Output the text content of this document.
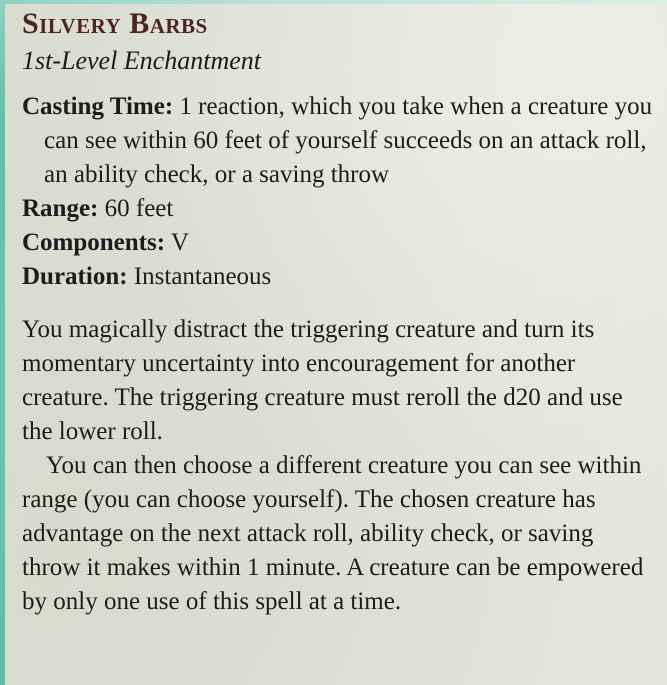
Silvery Barbs
1st-Level Enchantment

Casting Time: 1 reaction, which you take when a creature you can see within 60 feet of yourself succeeds on an attack roll, an ability check, or a saving throw

Range: 60 feet

Components: V

Duration: Instantaneous

You magically distract the triggering creature and turn its momentary uncertainty into encouragement for another creature. The triggering creature must reroll the d20 and use the lower roll.

You can then choose a different creature you can see within range (you can choose yourself). The chosen creature has advantage on the next attack roll, ability check, or saving throw it makes within 1 minute. A creature can be empowered by only one use of this spell at a time.
